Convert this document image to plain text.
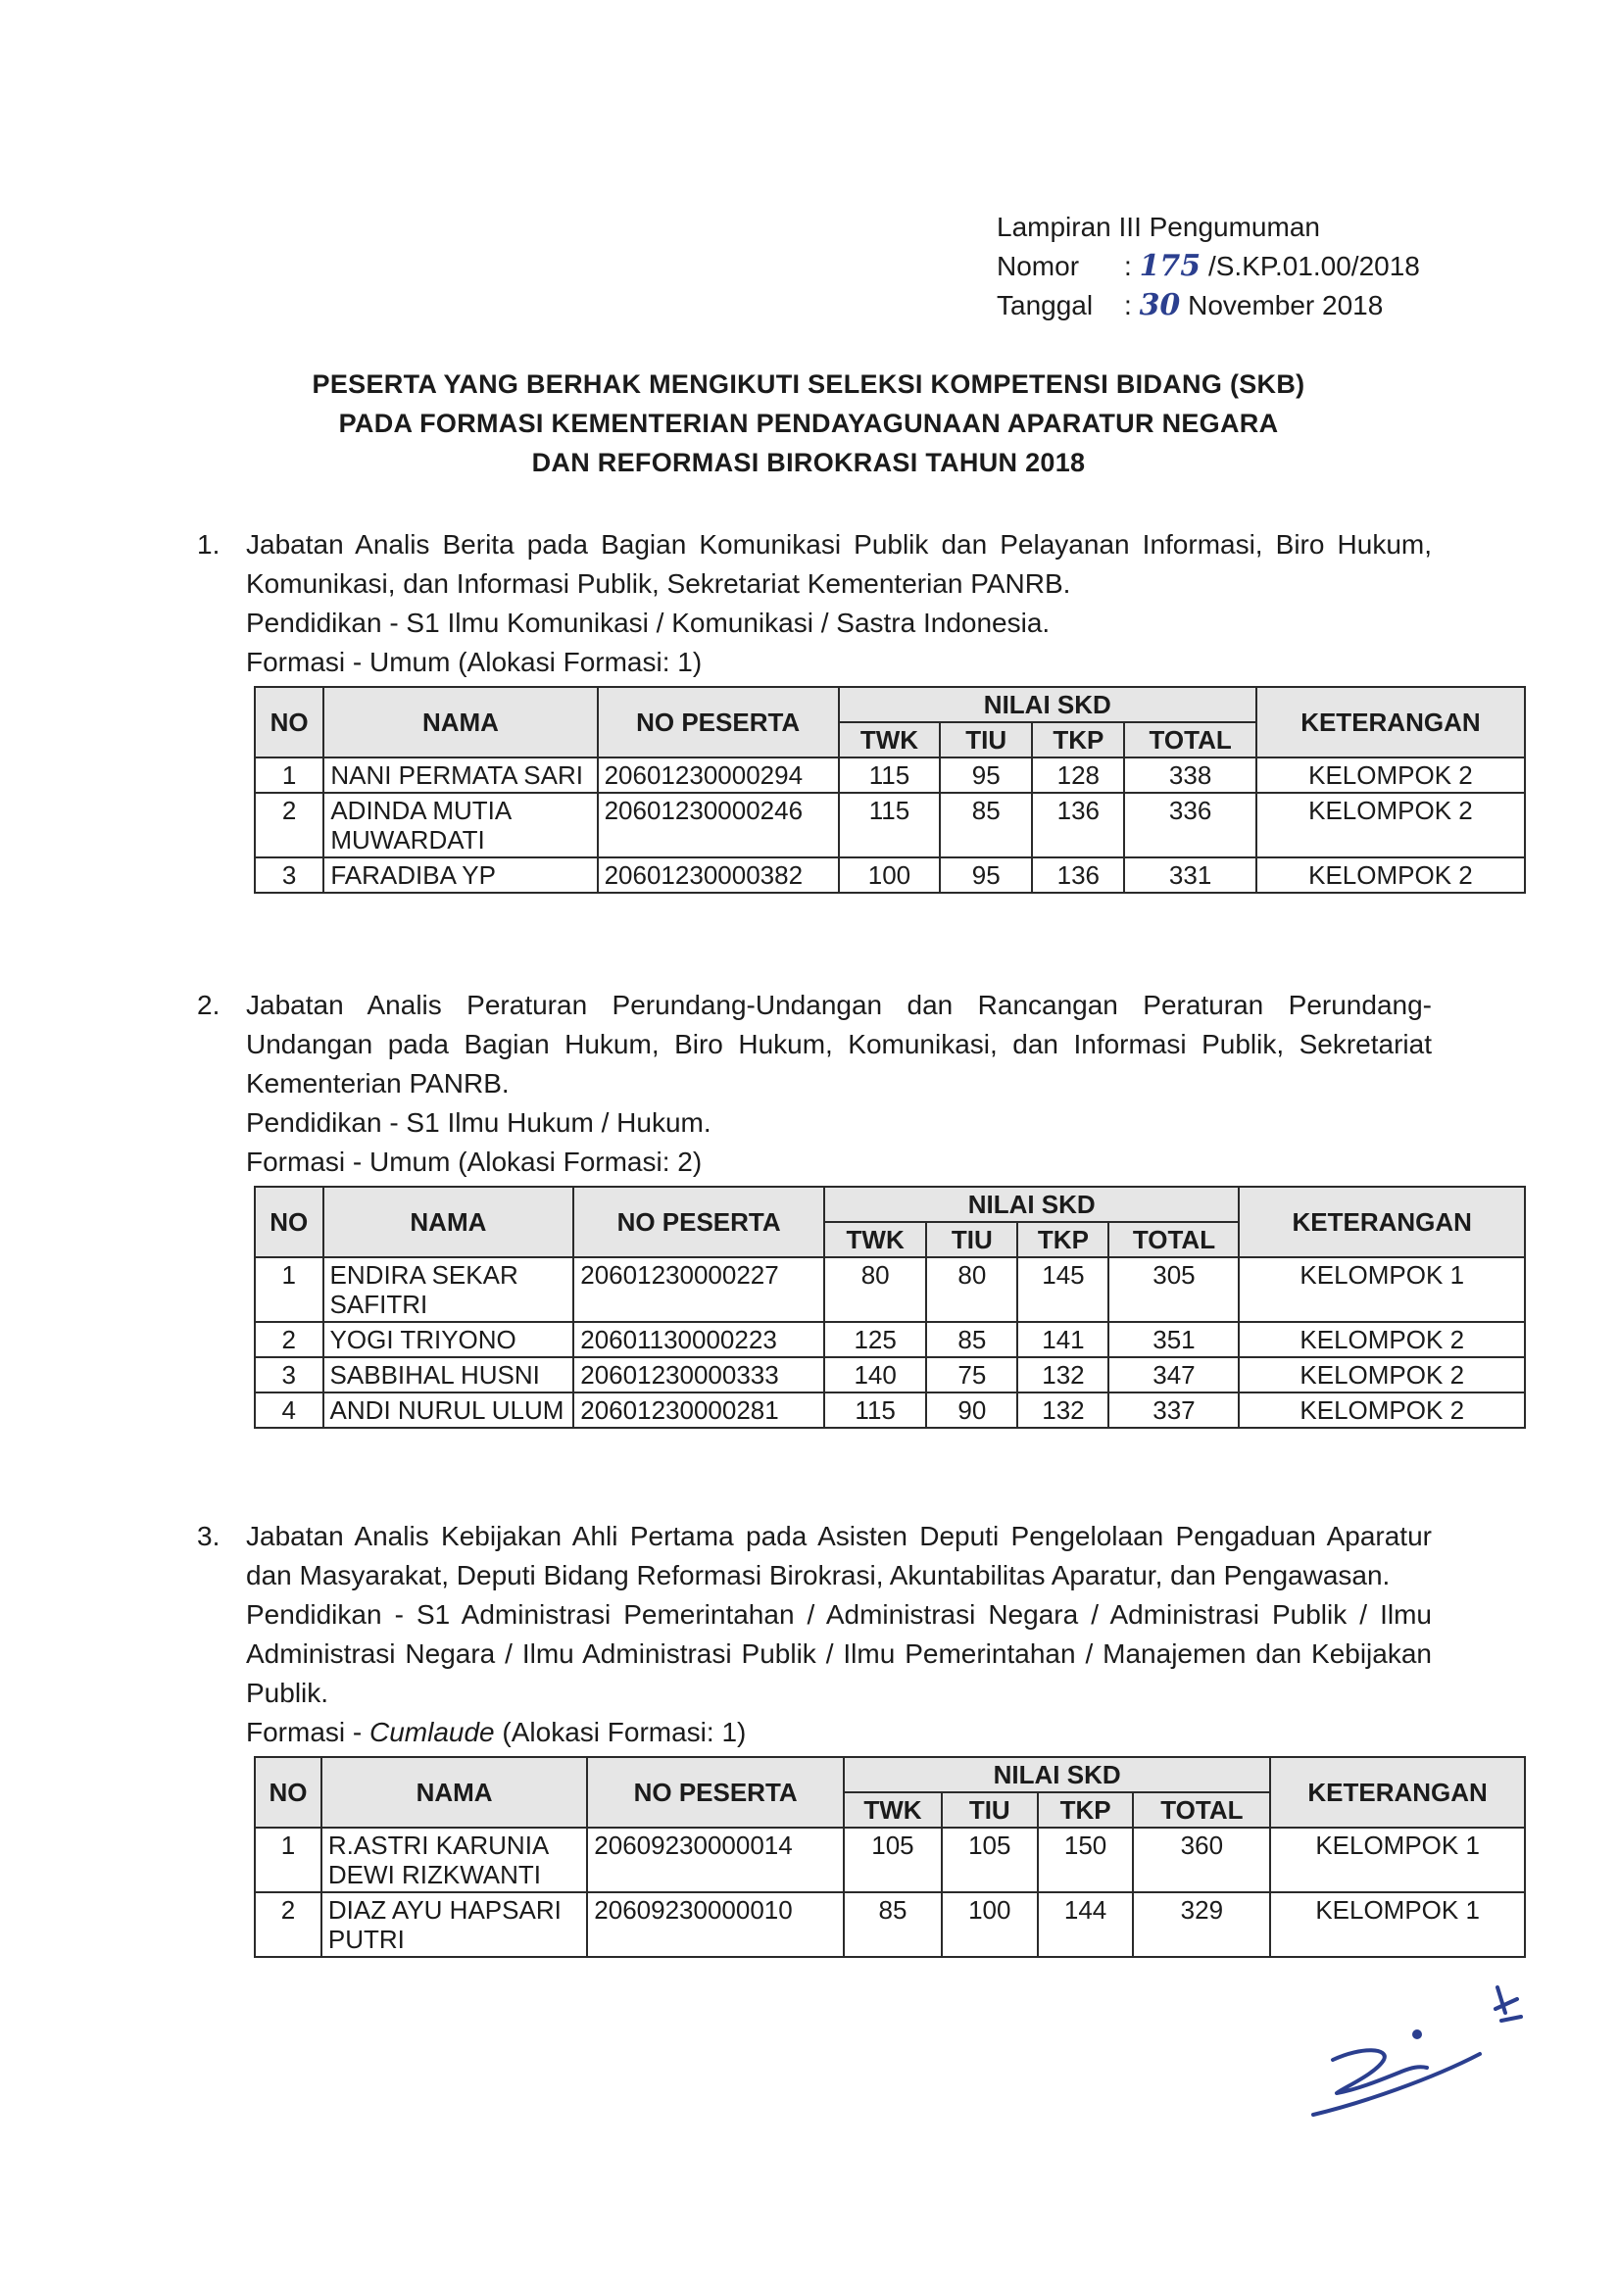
Lampiran III Pengumuman
Nomor : 175 /S.KP.01.00/2018
Tanggal : 30 November 2018
PESERTA YANG BERHAK MENGIKUTI SELEKSI KOMPETENSI BIDANG (SKB)
PADA FORMASI KEMENTERIAN PENDAYAGUNAAN APARATUR NEGARA
DAN REFORMASI BIROKRASI TAHUN 2018
1. Jabatan Analis Berita pada Bagian Komunikasi Publik dan Pelayanan Informasi, Biro Hukum, Komunikasi, dan Informasi Publik, Sekretariat Kementerian PANRB.
Pendidikan - S1 Ilmu Komunikasi / Komunikasi / Sastra Indonesia.
Formasi - Umum (Alokasi Formasi: 1)
NO	NAMA	NO PESERTA	NILAI SKD				KETERANGAN
			TWK	TIU	TKP	TOTAL	
1	NANI PERMATA SARI	20601230000294	115	95	128	338	KELOMPOK 2
2	ADINDA MUTIA MUWARDATI	20601230000246	115	85	136	336	KELOMPOK 2
3	FARADIBA YP	20601230000382	100	95	136	331	KELOMPOK 2
2. Jabatan Analis Peraturan Perundang-Undangan dan Rancangan Peraturan Perundang-Undangan pada Bagian Hukum, Biro Hukum, Komunikasi, dan Informasi Publik, Sekretariat Kementerian PANRB.
Pendidikan - S1 Ilmu Hukum / Hukum.
Formasi - Umum (Alokasi Formasi: 2)
NO	NAMA	NO PESERTA	NILAI SKD				KETERANGAN
			TWK	TIU	TKP	TOTAL	
1	ENDIRA SEKAR SAFITRI	20601230000227	80	80	145	305	KELOMPOK 1
2	YOGI TRIYONO	20601130000223	125	85	141	351	KELOMPOK 2
3	SABBIHAL HUSNI	20601230000333	140	75	132	347	KELOMPOK 2
4	ANDI NURUL ULUM	20601230000281	115	90	132	337	KELOMPOK 2
3. Jabatan Analis Kebijakan Ahli Pertama pada Asisten Deputi Pengelolaan Pengaduan Aparatur dan Masyarakat, Deputi Bidang Reformasi Birokrasi, Akuntabilitas Aparatur, dan Pengawasan.
Pendidikan - S1 Administrasi Pemerintahan / Administrasi Negara / Administrasi Publik / Ilmu Administrasi Negara / Ilmu Administrasi Publik / Ilmu Pemerintahan / Manajemen dan Kebijakan Publik.
Formasi - Cumlaude (Alokasi Formasi: 1)
NO	NAMA	NO PESERTA	NILAI SKD				KETERANGAN
			TWK	TIU	TKP	TOTAL	
1	R.ASTRI KARUNIA DEWI RIZKWANTI	20609230000014	105	105	150	360	KELOMPOK 1
2	DIAZ AYU HAPSARI PUTRI	20609230000010	85	100	144	329	KELOMPOK 1
